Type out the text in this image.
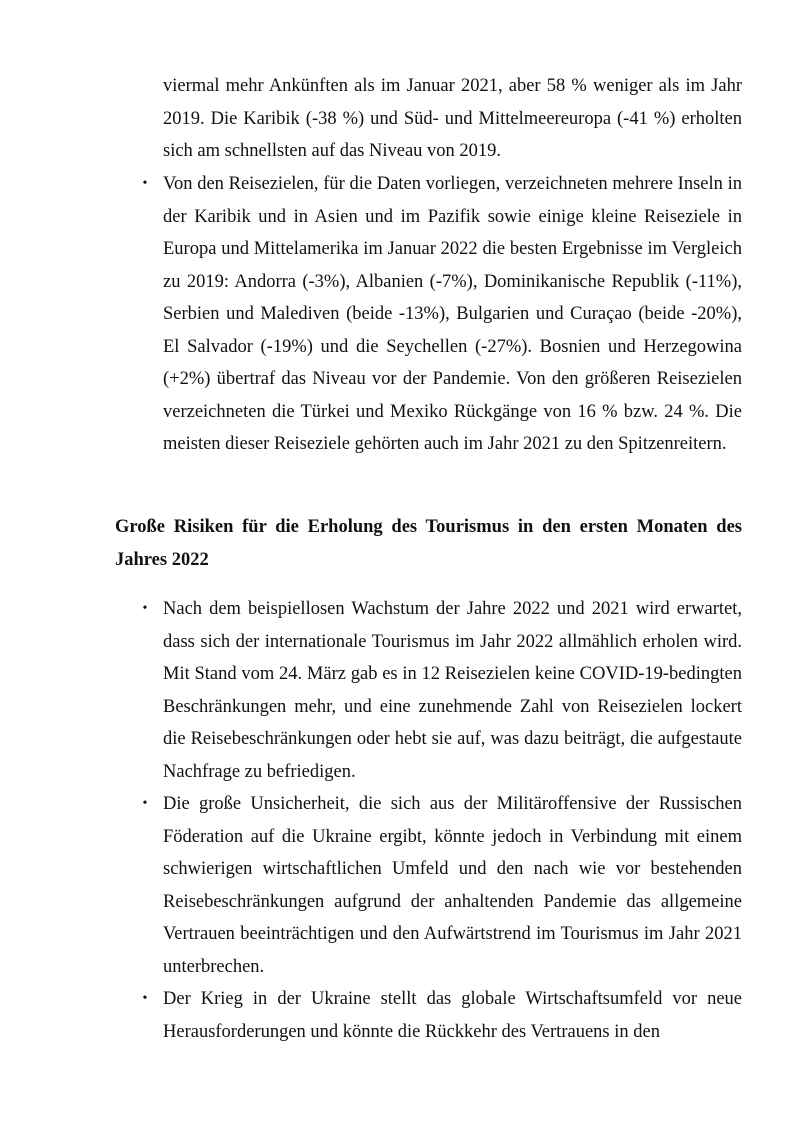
viermal mehr Ankünften als im Januar 2021, aber 58 % weniger als im Jahr 2019. Die Karibik (-38 %) und Süd- und Mittelmeereuropa (-41 %) erholten sich am schnellsten auf das Niveau von 2019.

• Von den Reisezielen, für die Daten vorliegen, verzeichneten mehrere Inseln in der Karibik und in Asien und im Pazifik sowie einige kleine Reiseziele in Europa und Mittelamerika im Januar 2022 die besten Ergebnisse im Vergleich zu 2019: Andorra (-3%), Albanien (-7%), Dominikanische Republik (-11%), Serbien und Malediven (beide -13%), Bulgarien und Curaçao (beide -20%), El Salvador (-19%) und die Seychellen (-27%). Bosnien und Herzegowina (+2%) übertraf das Niveau vor der Pandemie. Von den größeren Reisezielen verzeichneten die Türkei und Mexiko Rückgänge von 16 % bzw. 24 %. Die meisten dieser Reiseziele gehörten auch im Jahr 2021 zu den Spitzenreitern.
Große Risiken für die Erholung des Tourismus in den ersten Monaten des Jahres 2022
• Nach dem beispiellosen Wachstum der Jahre 2022 und 2021 wird erwartet, dass sich der internationale Tourismus im Jahr 2022 allmählich erholen wird. Mit Stand vom 24. März gab es in 12 Reisezielen keine COVID-19-bedingten Beschränkungen mehr, und eine zunehmende Zahl von Reisezielen lockert die Reisebeschränkungen oder hebt sie auf, was dazu beiträgt, die aufgestaute Nachfrage zu befriedigen.
• Die große Unsicherheit, die sich aus der Militäroffensive der Russischen Föderation auf die Ukraine ergibt, könnte jedoch in Verbindung mit einem schwierigen wirtschaftlichen Umfeld und den nach wie vor bestehenden Reisebeschränkungen aufgrund der anhaltenden Pandemie das allgemeine Vertrauen beeinträchtigen und den Aufwärtstrend im Tourismus im Jahr 2021 unterbrechen.
• Der Krieg in der Ukraine stellt das globale Wirtschaftsumfeld vor neue Herausforderungen und könnte die Rückkehr des Vertrauens in den
